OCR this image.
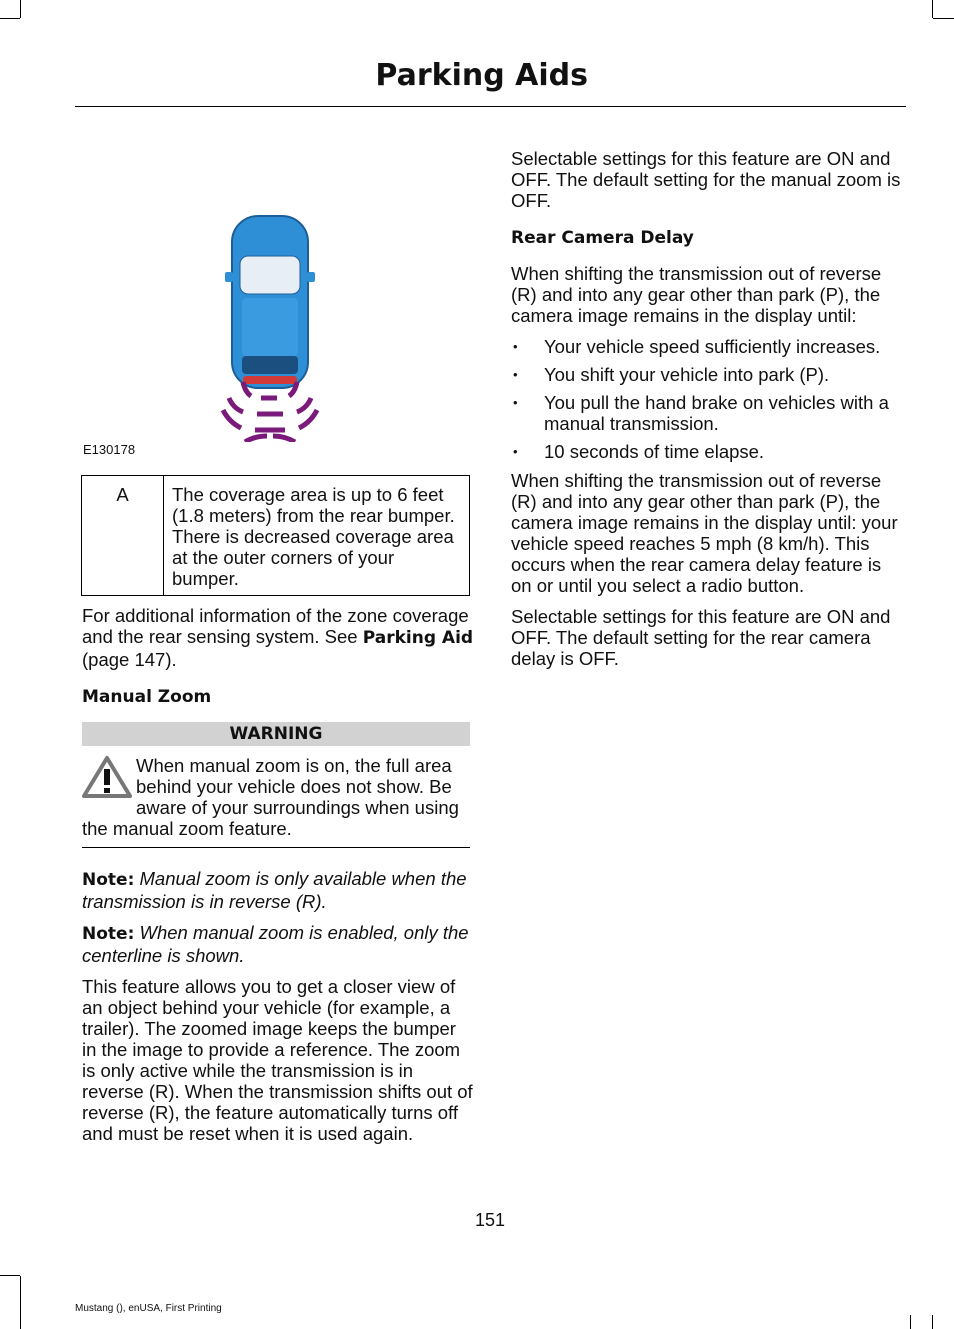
Parking Aids
E130178
A	The coverage area is up to 6 feet (1.8 meters) from the rear bumper. There is decreased coverage area at the outer corners of your bumper.

For additional information of the zone coverage and the rear sensing system. See Parking Aid (page 147).

Manual Zoom
WARNING
When manual zoom is on, the full area behind your vehicle does not show. Be aware of your surroundings when using the manual zoom feature.

Note: Manual zoom is only available when the transmission is in reverse (R).

Note: When manual zoom is enabled, only the centerline is shown.

This feature allows you to get a closer view of an object behind your vehicle (for example, a trailer). The zoomed image keeps the bumper in the image to provide a reference. The zoom is only active while the transmission is in reverse (R). When the transmission shifts out of reverse (R), the feature automatically turns off and must be reset when it is used again.

Selectable settings for this feature are ON and OFF. The default setting for the manual zoom is OFF.

Rear Camera Delay

When shifting the transmission out of reverse (R) and into any gear other than park (P), the camera image remains in the display until:

• Your vehicle speed sufficiently increases.
• You shift your vehicle into park (P).
• You pull the hand brake on vehicles with a manual transmission.
• 10 seconds of time elapse.

When shifting the transmission out of reverse (R) and into any gear other than park (P), the camera image remains in the display until: your vehicle speed reaches 5 mph (8 km/h). This occurs when the rear camera delay feature is on or until you select a radio button.

Selectable settings for this feature are ON and OFF. The default setting for the rear camera delay is OFF.

151
Mustang (), enUSA, First Printing
